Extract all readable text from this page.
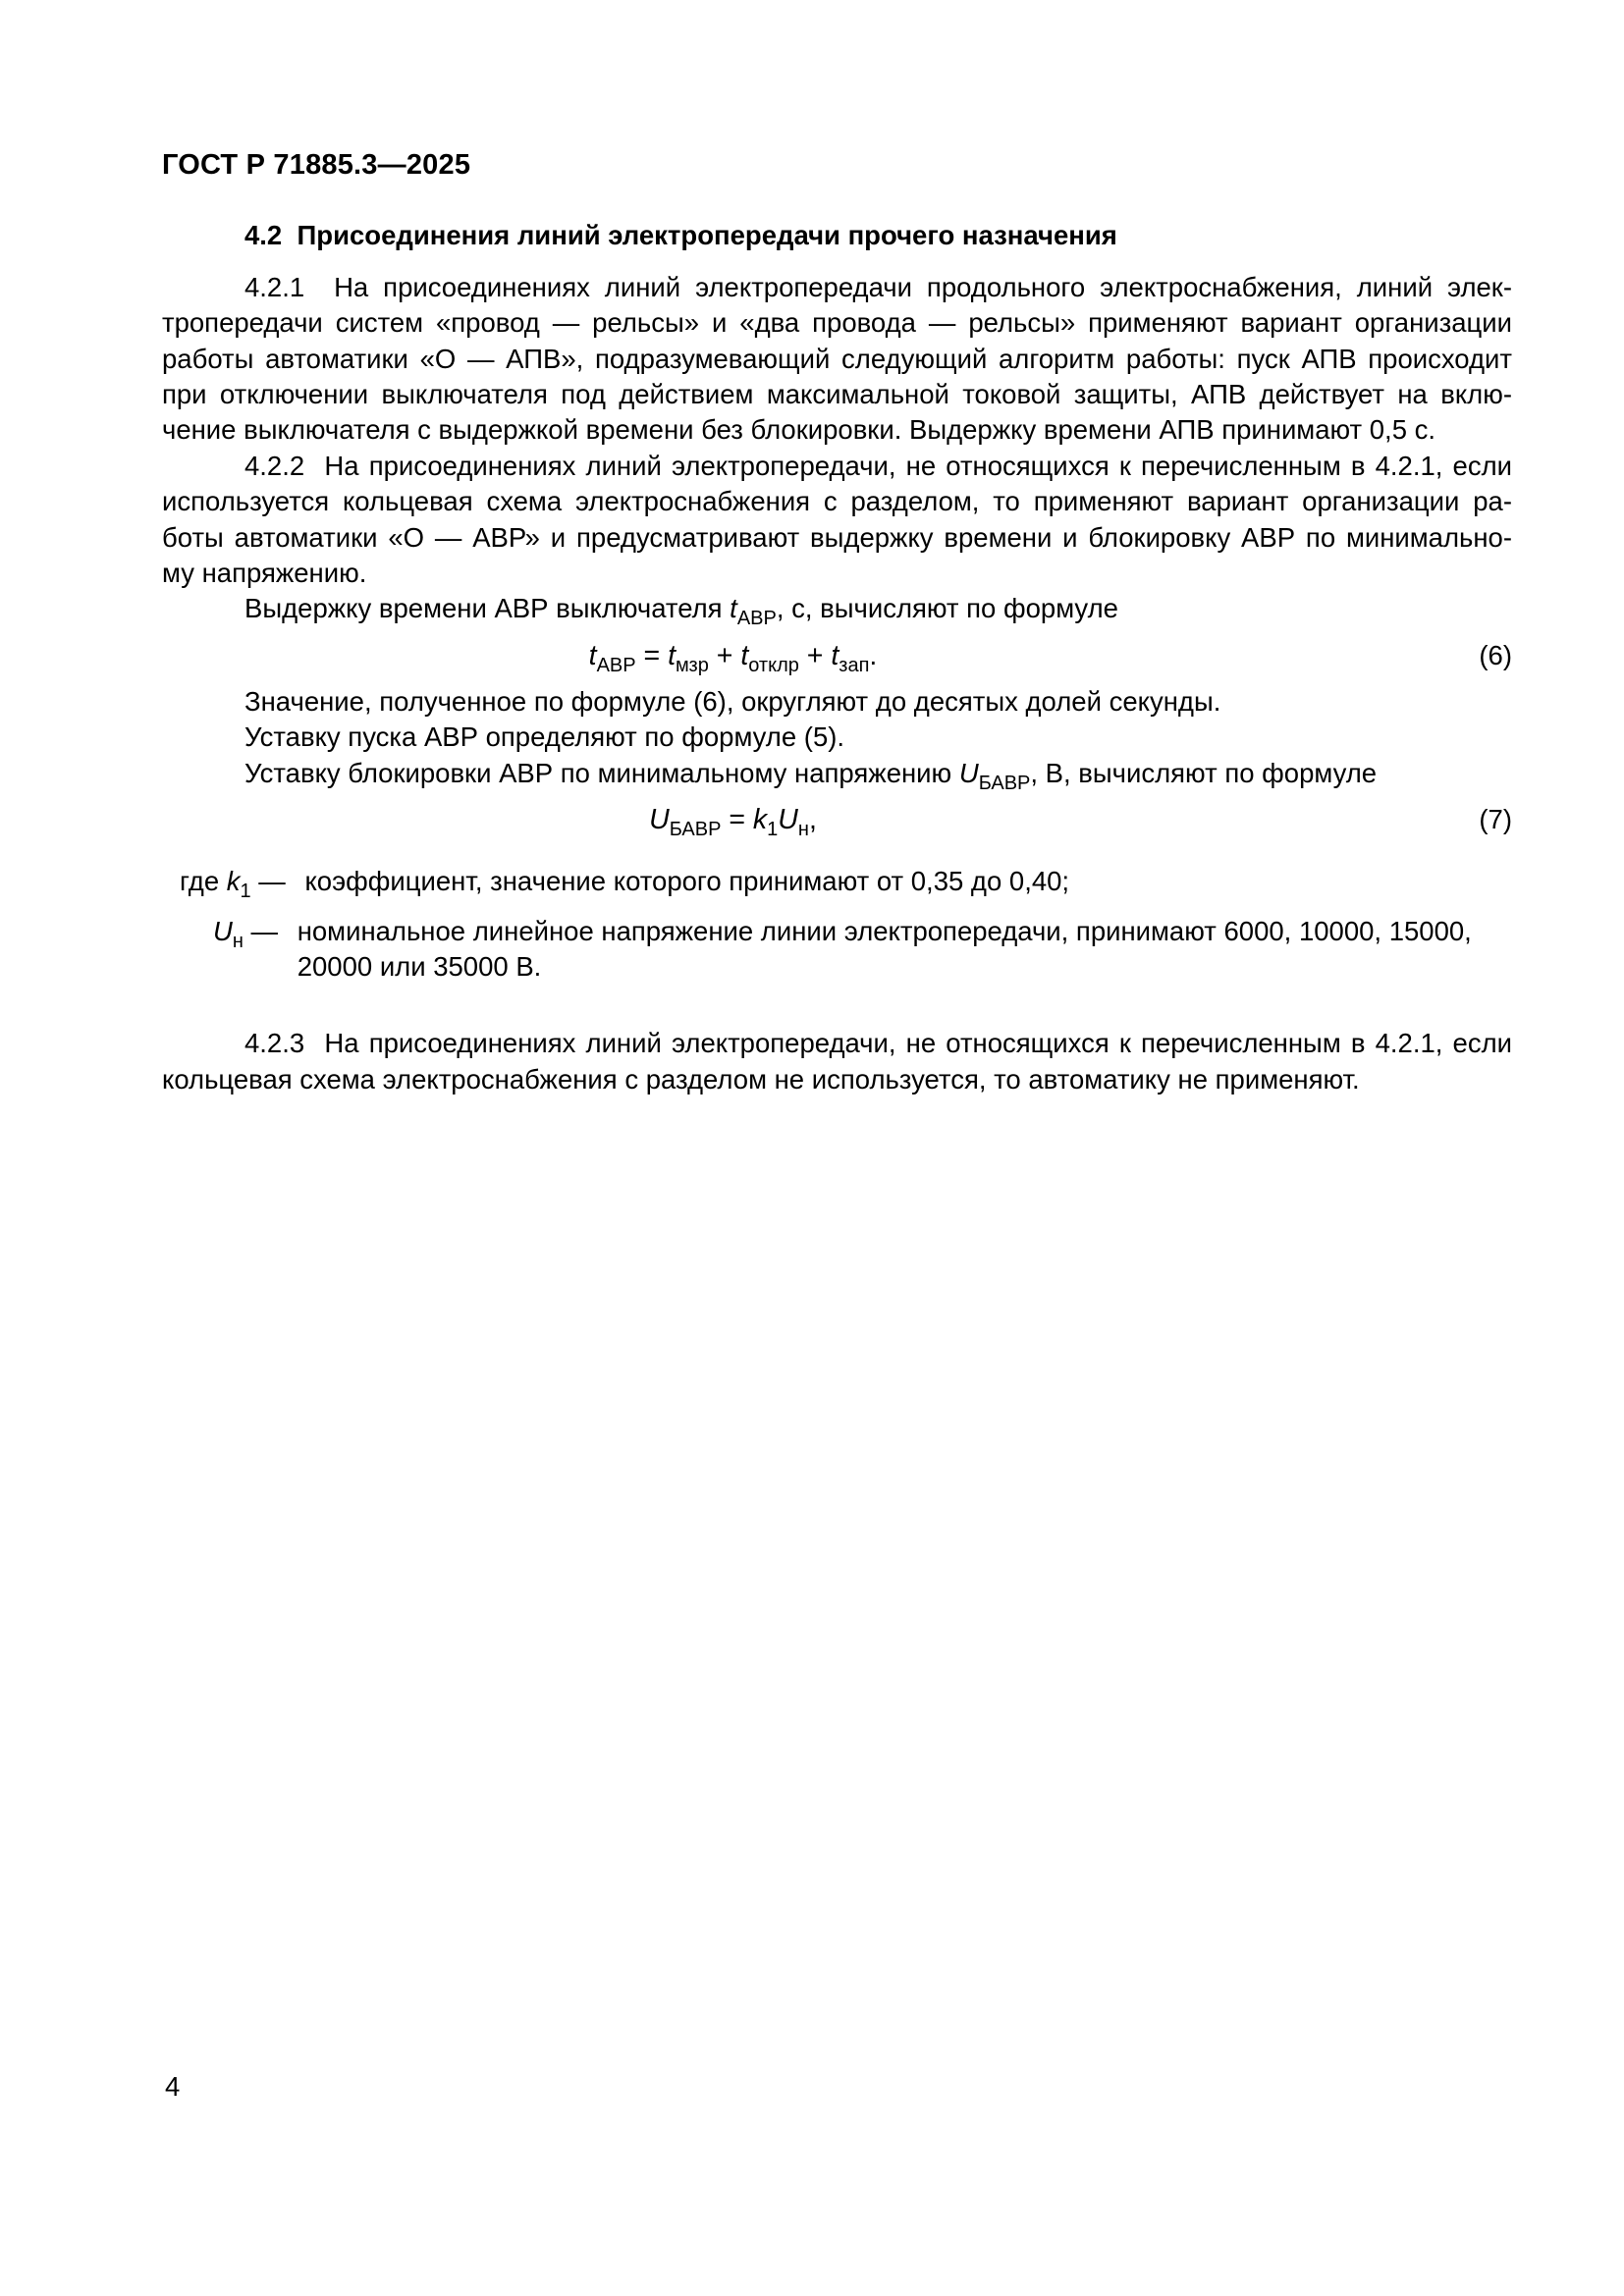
ГОСТ Р 71885.3—2025
4.2  Присоединения линий электропередачи прочего назначения
4.2.1  На присоединениях линий электропередачи продольного электроснабжения, линий элек-
тропередачи систем «провод — рельсы» и «два провода — рельсы» применяют вариант организации
работы автоматики «О — АПВ», подразумевающий следующий алгоритм работы: пуск АПВ происходит
при отключении выключателя под действием максимальной токовой защиты, АПВ действует на вклю-
чение выключателя с выдержкой времени без блокировки. Выдержку времени АПВ принимают 0,5 с.
4.2.2  На присоединениях линий электропередачи, не относящихся к перечисленным в 4.2.1, если
используется кольцевая схема электроснабжения с разделом, то применяют вариант организации ра-
боты автоматики «О — АВР» и предусматривают выдержку времени и блокировку АВР по минимально-
му напряжению.
Выдержку времени АВР выключателя $t_{АВР}$, с, вычисляют по формуле
$t_{АВР} = t_{мзр} + t_{отклр} + t_{зап}$.	(6)
Значение, полученное по формуле (6), округляют до десятых долей секунды.
Уставку пуска АВР определяют по формуле (5).
Уставку блокировки АВР по минимальному напряжению $U_{БАВР}$, В, вычисляют по формуле
$U_{БАВР} = k_1U_н$,	(7)
где $k_1$ — коэффициент, значение которого принимают от 0,35 до 0,40;
$U_н$ — номинальное линейное напряжение линии электропередачи, принимают 6000, 10000, 15000,
20000 или 35000 В.
4.2.3  На присоединениях линий электропередачи, не относящихся к перечисленным в 4.2.1, если
кольцевая схема электроснабжения с разделом не используется, то автоматику не применяют.
4
